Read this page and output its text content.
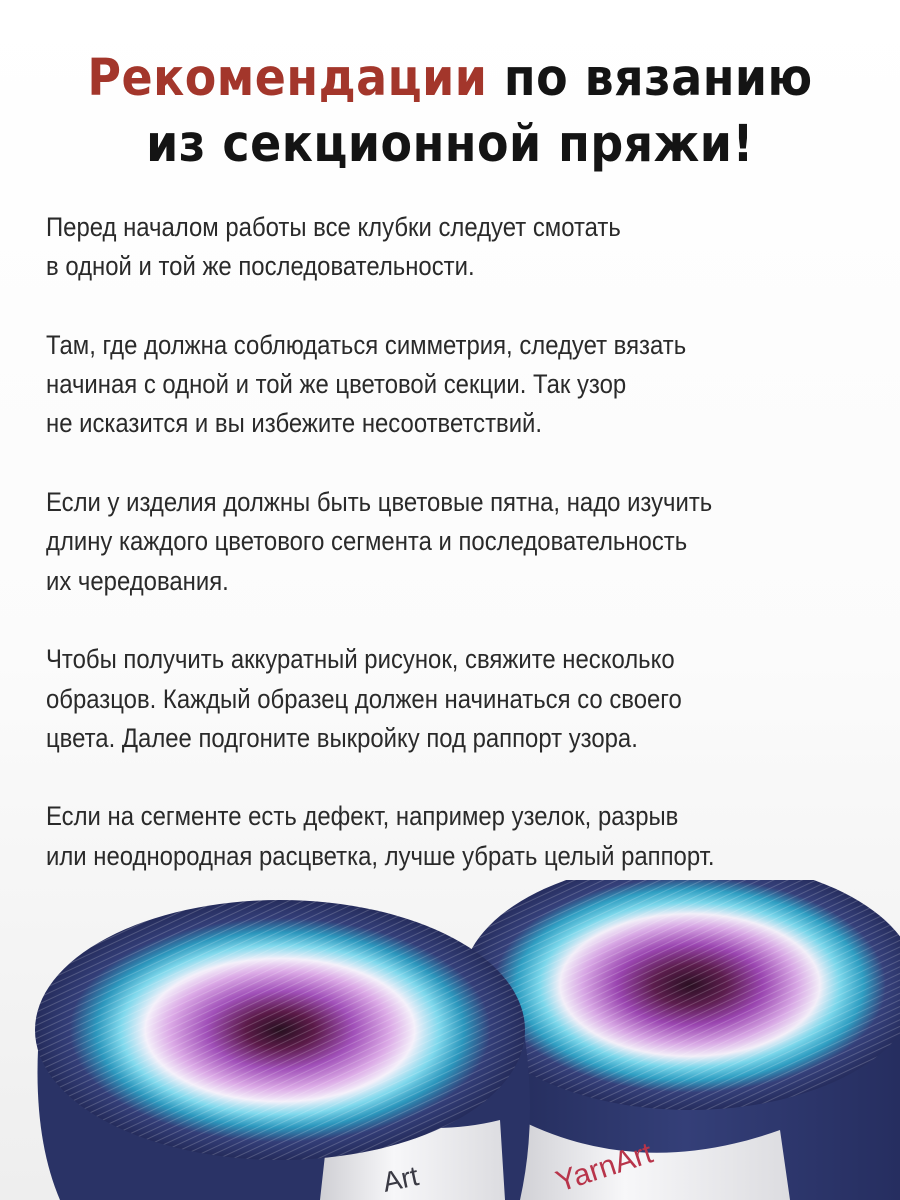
Рекомендации по вязанию
из секционной пряжи!

Перед началом работы все клубки следует смотать
в одной и той же последовательности.

Там, где должна соблюдаться симметрия, следует вязать
начиная с одной и той же цветовой секции. Так узор
не исказится и вы избежите несоответствий.

Если у изделия должны быть цветовые пятна, надо изучить
длину каждого цветового сегмента и последовательность
их чередования.

Чтобы получить аккуратный рисунок, свяжите несколько
образцов. Каждый образец должен начинаться со своего
цвета. Далее подгоните выкройку под раппорт узора.

Если на сегменте есть дефект, например узелок, разрыв
или неоднородная расцветка, лучше убрать целый раппорт.

YarnArt
Art
